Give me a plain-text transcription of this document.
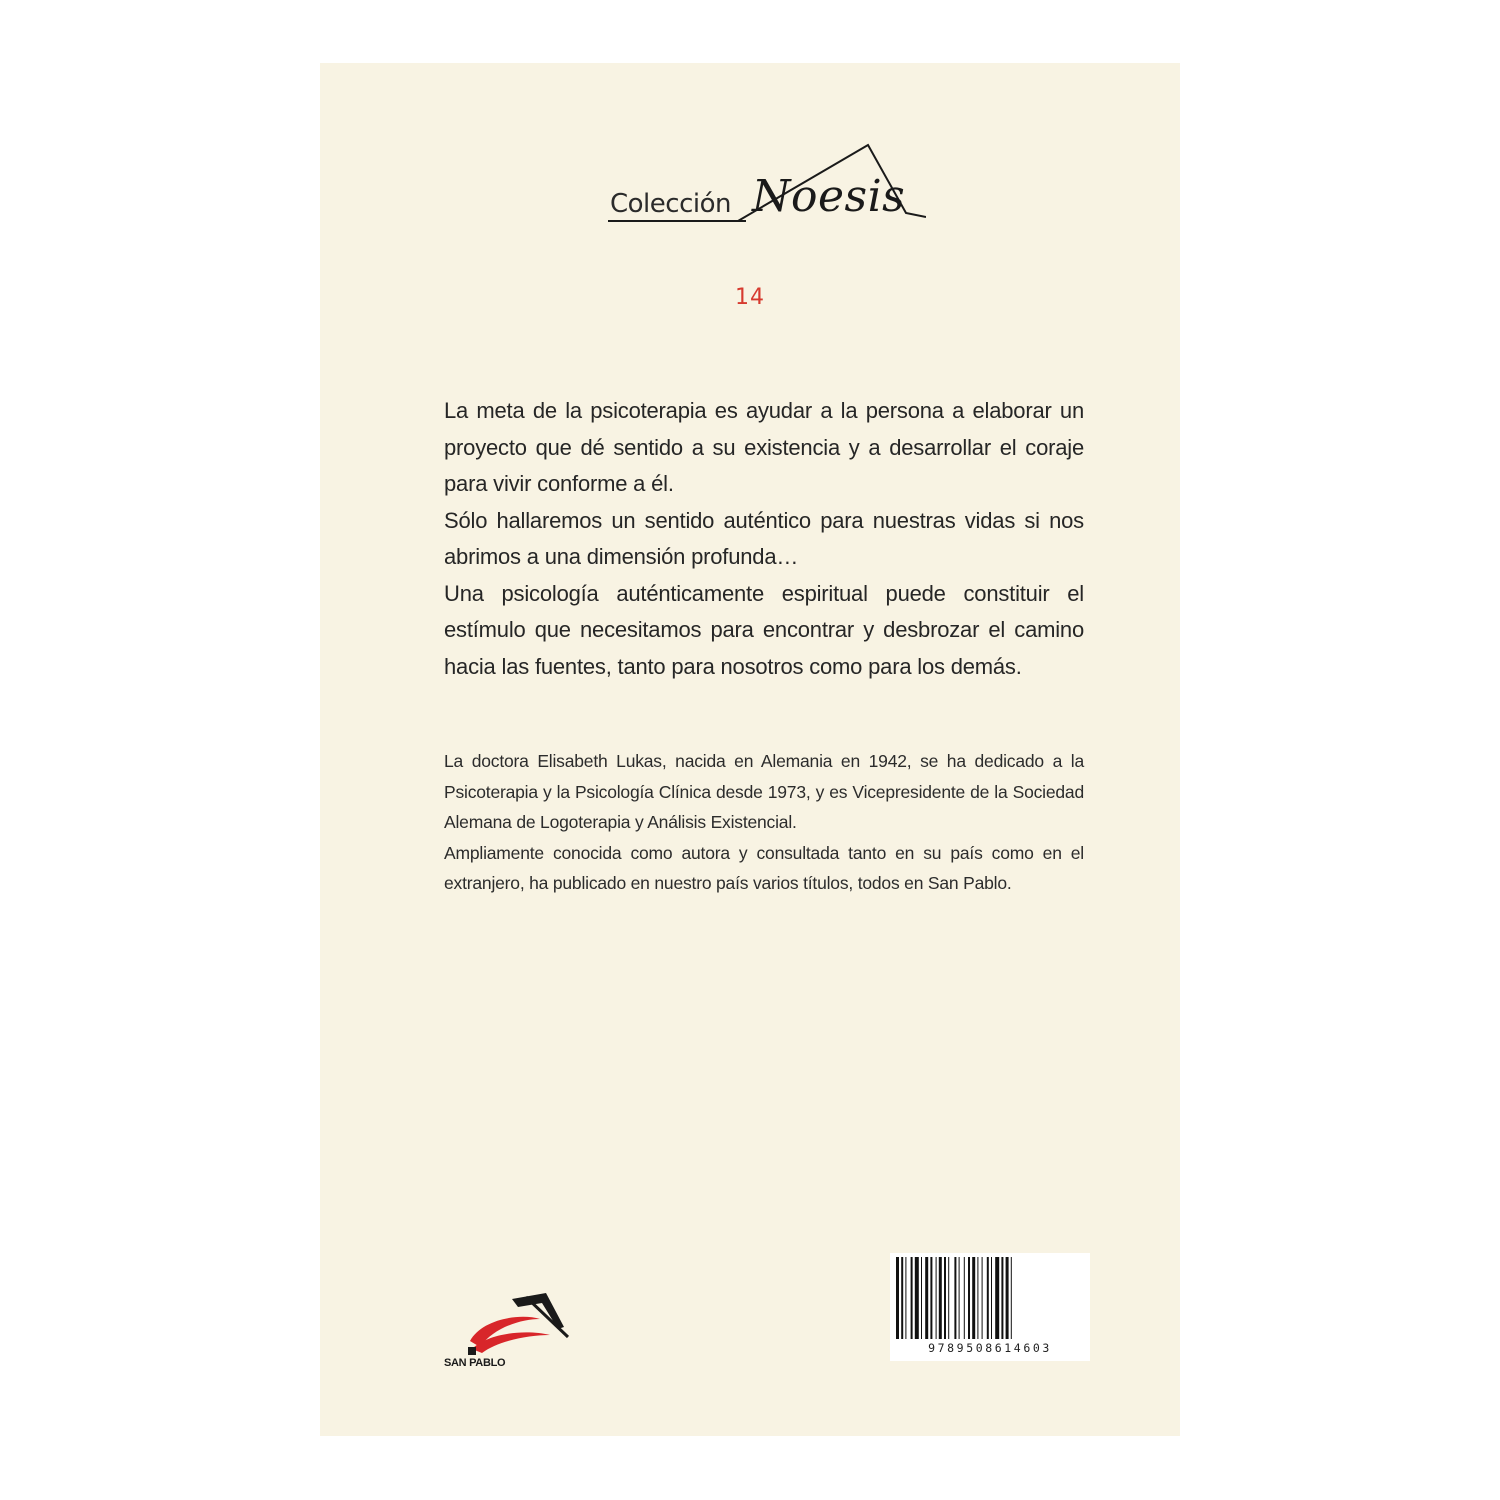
Colección Noesis
14

La meta de la psicoterapia es ayudar a la persona a elaborar un proyecto que dé sentido a su existencia y a desarrollar el coraje para vivir conforme a él.

Sólo hallaremos un sentido auténtico para nuestras vidas si nos abrimos a una dimensión profunda…

Una psicología auténticamente espiritual puede constituir el estímulo que necesitamos para encontrar y desbrozar el camino hacia las fuentes, tanto para nosotros como para los demás.

La doctora Elisabeth Lukas, nacida en Alemania en 1942, se ha dedicado a la Psicoterapia y la Psicología Clínica desde 1973, y es Vicepresidente de la Sociedad Alemana de Logoterapia y Análisis Existencial.

Ampliamente conocida como autora y consultada tanto en su país como en el extranjero, ha publicado en nuestro país varios títulos, todos en San Pablo.

SAN PABLO
9789508614603
